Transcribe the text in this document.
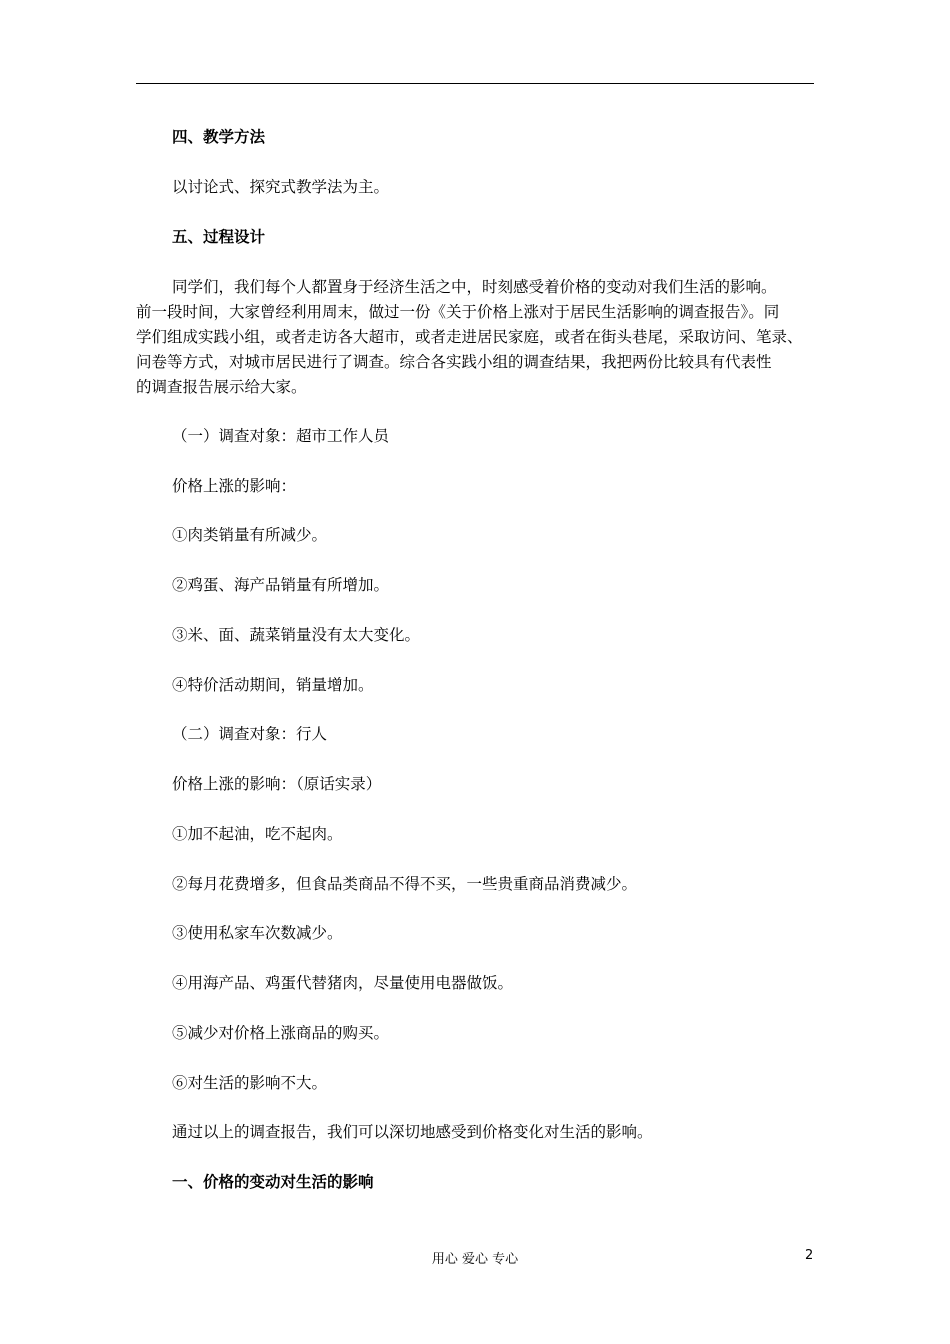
四、教学方法
以讨论式、探究式教学法为主。
五、过程设计
同学们，我们每个人都置身于经济生活之中，时刻感受着价格的变动对我们生活的影响。
前一段时间，大家曾经利用周末，做过一份《关于价格上涨对于居民生活影响的调查报告》。同
学们组成实践小组，或者走访各大超市，或者走进居民家庭，或者在街头巷尾，采取访问、笔录、
问卷等方式，对城市居民进行了调查。综合各实践小组的调查结果，我把两份比较具有代表性
的调查报告展示给大家。
（一）调查对象：超市工作人员
价格上涨的影响：
①肉类销量有所减少。
②鸡蛋、海产品销量有所增加。
③米、面、蔬菜销量没有太大变化。
④特价活动期间，销量增加。
（二）调查对象：行人
价格上涨的影响：（原话实录）
①加不起油，吃不起肉。
②每月花费增多，但食品类商品不得不买，一些贵重商品消费减少。
③使用私家车次数减少。
④用海产品、鸡蛋代替猪肉，尽量使用电器做饭。
⑤减少对价格上涨商品的购买。
⑥对生活的影响不大。
通过以上的调查报告，我们可以深切地感受到价格变化对生活的影响。
一、价格的变动对生活的影响
用心 爱心 专心	2
